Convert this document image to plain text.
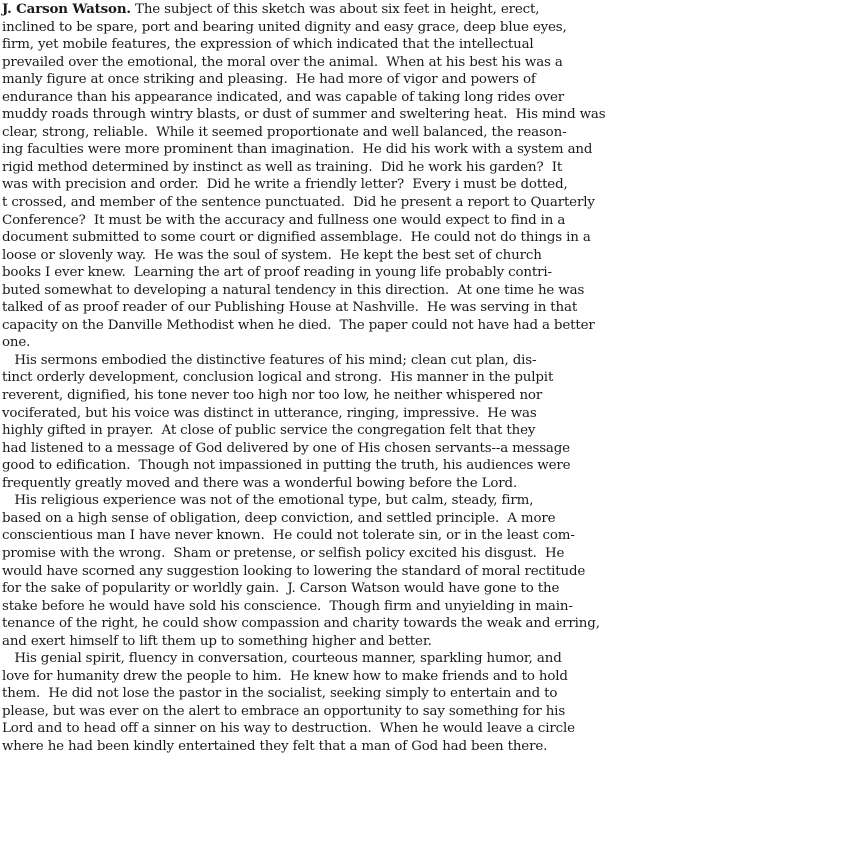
J. Carson Watson. The subject of this sketch was about six feet in height, erect,
inclined to be spare, port and bearing united dignity and easy grace, deep blue eyes,
firm, yet mobile features, the expression of which indicated that the intellectual
prevailed over the emotional, the moral over the animal.  When at his best his was a
manly figure at once striking and pleasing.  He had more of vigor and powers of
endurance than his appearance indicated, and was capable of taking long rides over
muddy roads through wintry blasts, or dust of summer and sweltering heat.  His mind was
clear, strong, reliable.  While it seemed proportionate and well balanced, the reason-
ing faculties were more prominent than imagination.  He did his work with a system and
rigid method determined by instinct as well as training.  Did he work his garden?  It
was with precision and order.  Did he write a friendly letter?  Every i must be dotted,
t crossed, and member of the sentence punctuated.  Did he present a report to Quarterly
Conference?  It must be with the accuracy and fullness one would expect to find in a
document submitted to some court or dignified assemblage.  He could not do things in a
loose or slovenly way.  He was the soul of system.  He kept the best set of church
books I ever knew.  Learning the art of proof reading in young life probably contri-
buted somewhat to developing a natural tendency in this direction.  At one time he was
talked of as proof reader of our Publishing House at Nashville.  He was serving in that
capacity on the Danville Methodist when he died.  The paper could not have had a better
one.
His sermons embodied the distinctive features of his mind; clean cut plan, dis-
tinct orderly development, conclusion logical and strong.  His manner in the pulpit
reverent, dignified, his tone never too high nor too low, he neither whispered nor
vociferated, but his voice was distinct in utterance, ringing, impressive.  He was
highly gifted in prayer.  At close of public service the congregation felt that they
had listened to a message of God delivered by one of His chosen servants--a message
good to edification.  Though not impassioned in putting the truth, his audiences were
frequently greatly moved and there was a wonderful bowing before the Lord.
His religious experience was not of the emotional type, but calm, steady, firm,
based on a high sense of obligation, deep conviction, and settled principle.  A more
conscientious man I have never known.  He could not tolerate sin, or in the least com-
promise with the wrong.  Sham or pretense, or selfish policy excited his disgust.  He
would have scorned any suggestion looking to lowering the standard of moral rectitude
for the sake of popularity or worldly gain.  J. Carson Watson would have gone to the
stake before he would have sold his conscience.  Though firm and unyielding in main-
tenance of the right, he could show compassion and charity towards the weak and erring,
and exert himself to lift them up to something higher and better.
His genial spirit, fluency in conversation, courteous manner, sparkling humor, and
love for humanity drew the people to him.  He knew how to make friends and to hold
them.  He did not lose the pastor in the socialist, seeking simply to entertain and to
please, but was ever on the alert to embrace an opportunity to say something for his
Lord and to head off a sinner on his way to destruction.  When he would leave a circle
where he had been kindly entertained they felt that a man of God had been there.
